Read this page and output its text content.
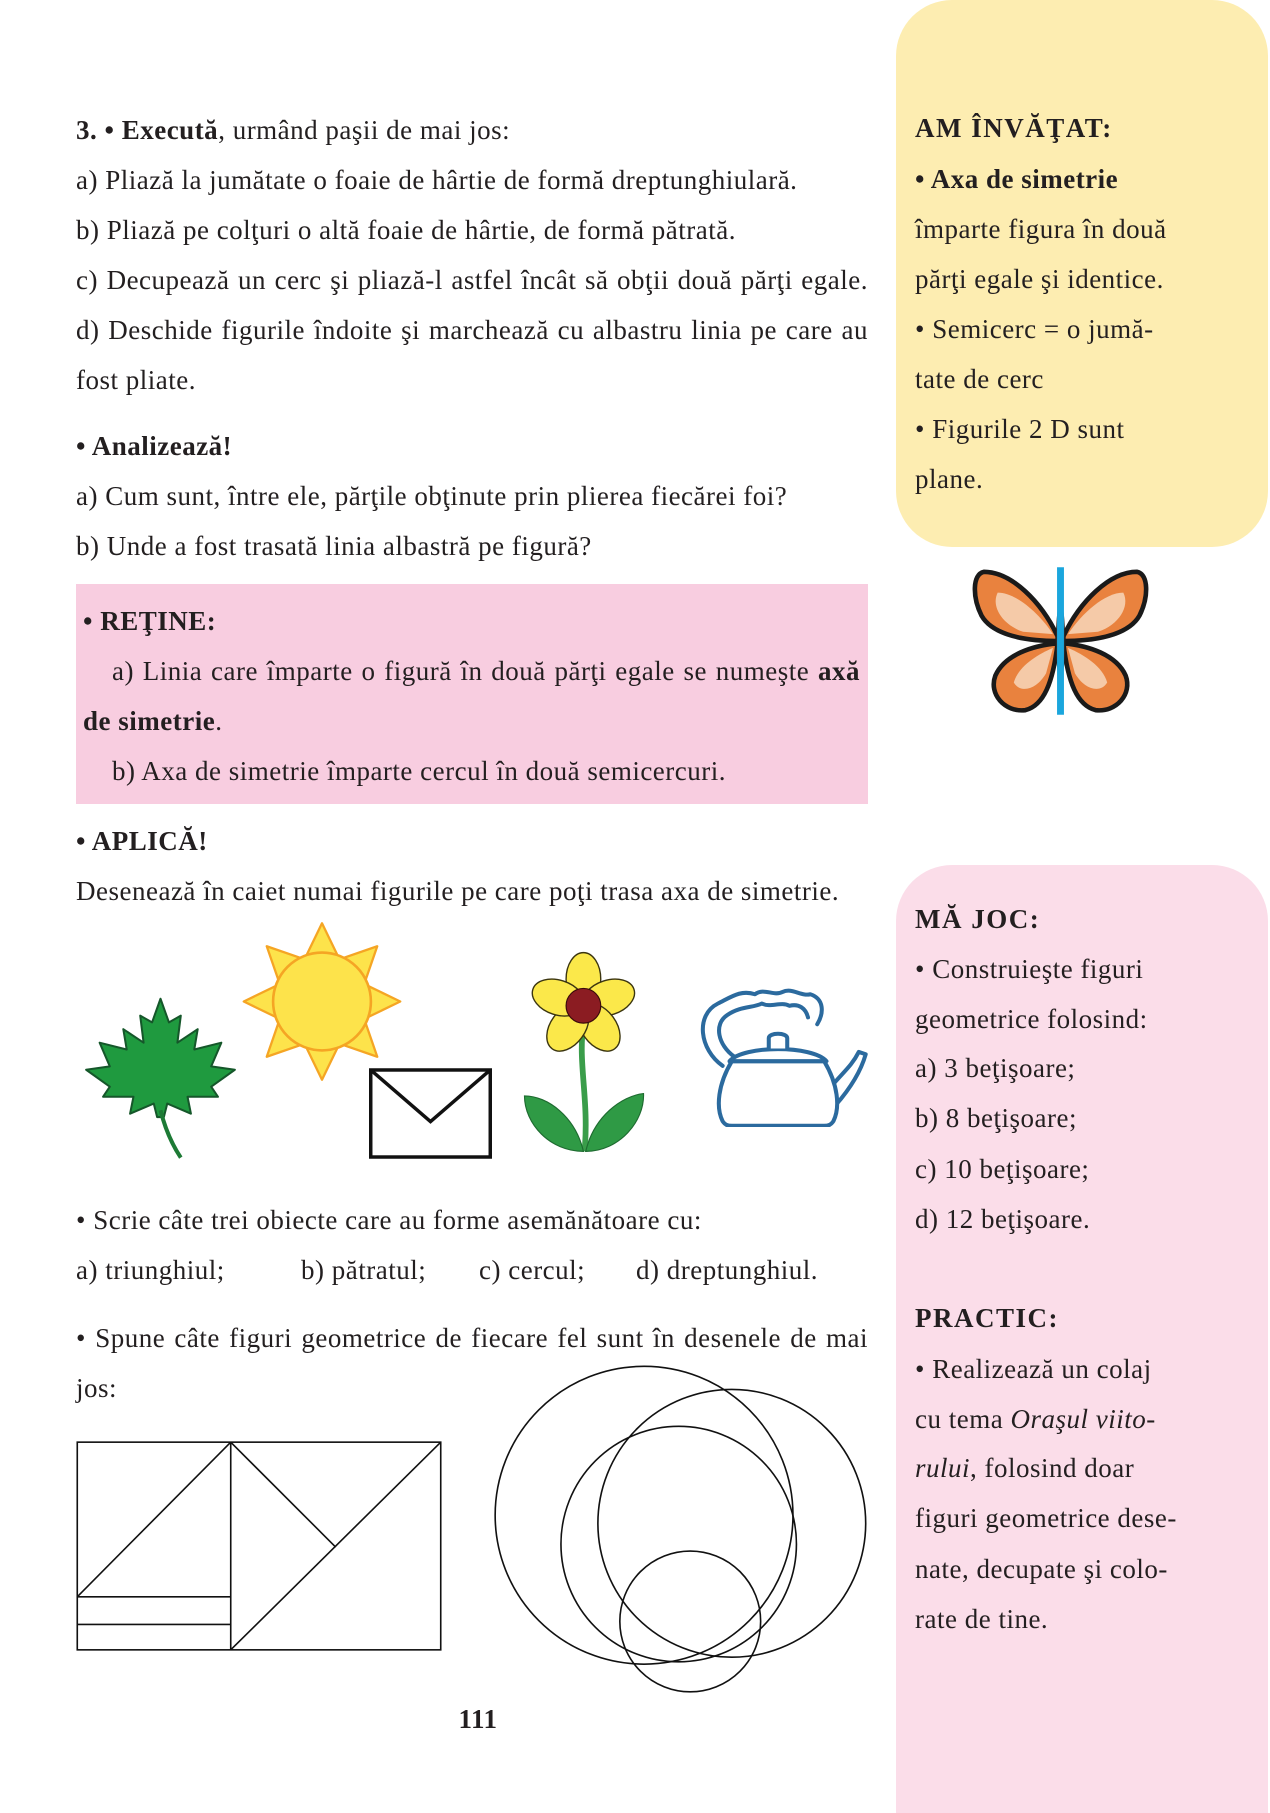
3. • Execută, urmând paşii de mai jos:
a) Pliază la jumătate o foaie de hârtie de formă dreptunghiulară.
b) Pliază pe colţuri o altă foaie de hârtie, de formă pătrată.
c) Decupează un cerc şi pliază-l astfel încât să obţii două părţi egale.
d) Deschide figurile îndoite şi marchează cu albastru linia pe care au
fost pliate.
• Analizează!
a) Cum sunt, între ele, părţile obţinute prin plierea fiecărei foi?
b) Unde a fost trasată linia albastră pe figură?
• REŢINE:
a) Linia care împarte o figură în două părţi egale se numeşte axă
de simetrie.
b) Axa de simetrie împarte cercul în două semicercuri.
• APLICĂ!
Desenează în caiet numai figurile pe care poţi trasa axa de simetrie.
• Scrie câte trei obiecte care au forme asemănătoare cu:
a) triunghiul;	b) pătratul; c) cercul; d) dreptunghiul.
• Spune câte figuri geometrice de fiecare fel sunt în desenele de mai
jos:
111
AM ÎNVĂŢAT:
• Axa de simetrie
împarte figura în două
părţi egale şi identice.
• Semicerc = o jumă-
tate de cerc
• Figurile 2 D sunt
plane.
MĂ JOC:
• Construieşte figuri
geometrice folosind:
a) 3 beţişoare;
b) 8 beţişoare;
c) 10 beţişoare;
d) 12 beţişoare.
PRACTIC:
• Realizează un colaj
cu tema Oraşul viito-
rului, folosind doar
figuri geometrice dese-
nate, decupate şi colo-
rate de tine.
